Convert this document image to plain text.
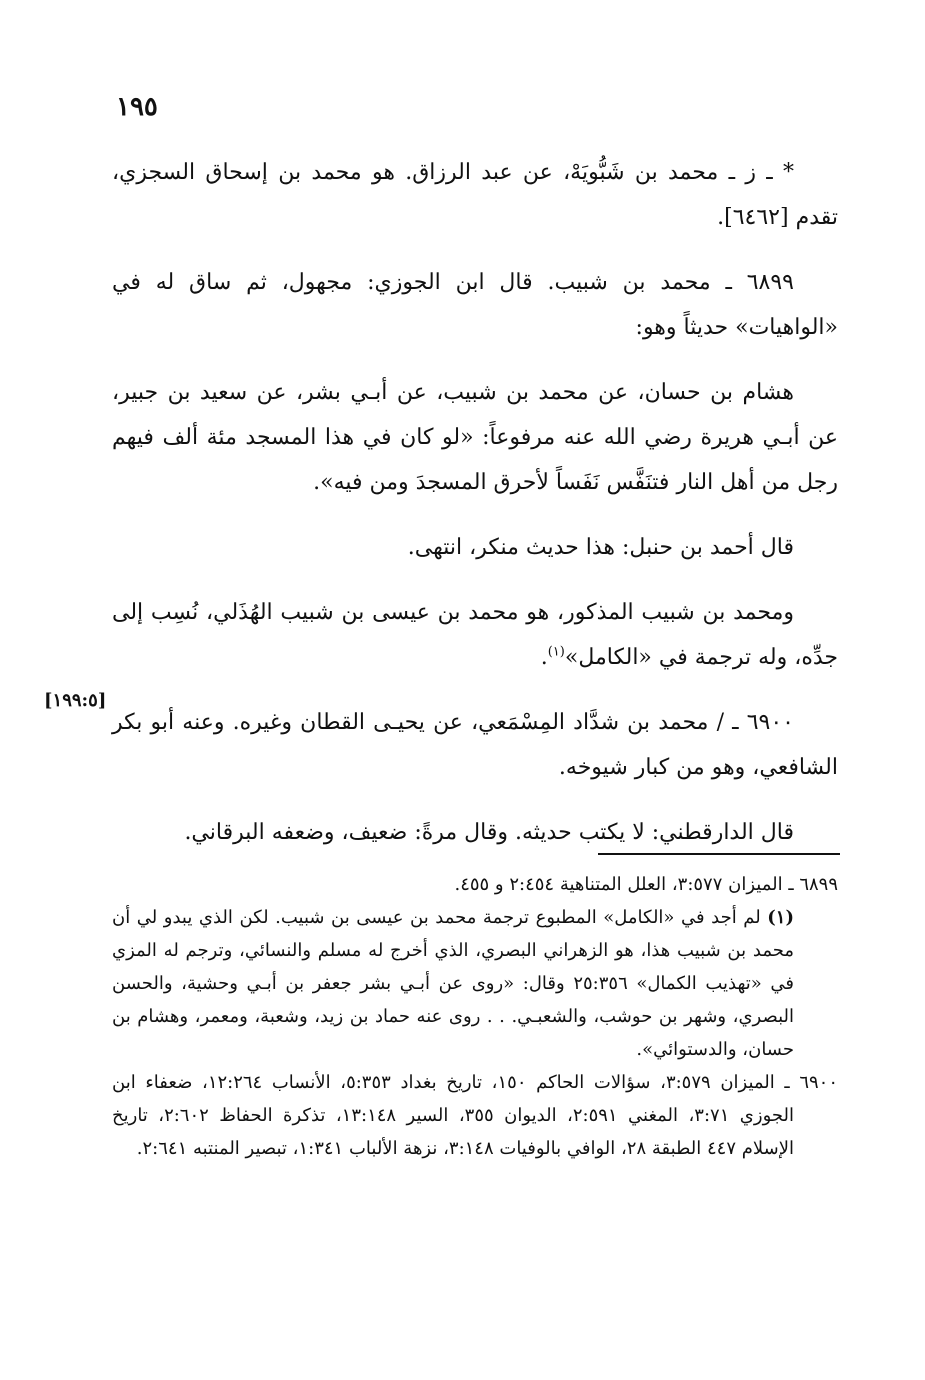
١٩٥
[١٩٩:٥]

* ـ ز ـ محمد بن شَبُّويَهْ، عن عبد الرزاق. هو محمد بن إسحاق السجزي، تقدم [٦٤٦٢].

٦٨٩٩ ـ محمد بن شبيب. قال ابن الجوزي: مجهول، ثم ساق له في «الواهيات» حديثاً وهو:

هشام بن حسان، عن محمد بن شبيب، عن أبـي بشر، عن سعيد بن جبير، عن أبـي هريرة رضي الله عنه مرفوعاً: «لو كان في هذا المسجد مئة ألف فيهم رجل من أهل النار فتنَفَّس نَفَساً لأحرق المسجدَ ومن فيه».

قال أحمد بن حنبل: هذا حديث منكر، انتهى.

ومحمد بن شبيب المذكور، هو محمد بن عيسى بن شبيب الهُذَلي، نُسِب إلى جدِّه، وله ترجمة في «الكامل»$^{(١)}$.

٦٩٠٠ ـ / محمد بن شدَّاد المِسْمَعي، عن يحيـى القطان وغيره. وعنه أبو بكر الشافعي، وهو من كبار شيوخه.

قال الدارقطني: لا يكتب حديثه. وقال مرةً: ضعيف، وضعفه البرقاني.

٦٨٩٩ ـ الميزان ٣:٥٧٧، العلل المتناهية ٢:٤٥٤ و ٤٥٥.

(١) لم أجد في «الكامل» المطبوع ترجمة محمد بن عيسى بن شبيب. لكن الذي يبدو لي أن محمد بن شبيب هذا، هو الزهراني البصري، الذي أخرج له مسلم والنسائي، وترجم له المزي في «تهذيب الكمال» ٢٥:٣٥٦ وقال: «روى عن أبـي بشر جعفر بن أبـي وحشية، والحسن البصري، وشهر بن حوشب، والشعبـي. . . روى عنه حماد بن زيد، وشعبة، ومعمر، وهشام بن حسان، والدستوائي».

٦٩٠٠ ـ الميزان ٣:٥٧٩، سؤالات الحاكم ١٥٠، تاريخ بغداد ٥:٣٥٣، الأنساب ١٢:٢٦٤، ضعفاء ابن الجوزي ٣:٧١، المغني ٢:٥٩١، الديوان ٣٥٥، السير ١٣:١٤٨، تذكرة الحفاظ ٢:٦٠٢، تاريخ الإسلام ٤٤٧ الطبقة ٢٨، الوافي بالوفيات ٣:١٤٨، نزهة الألباب ١:٣٤١، تبصير المنتبه ٢:٦٤١.
